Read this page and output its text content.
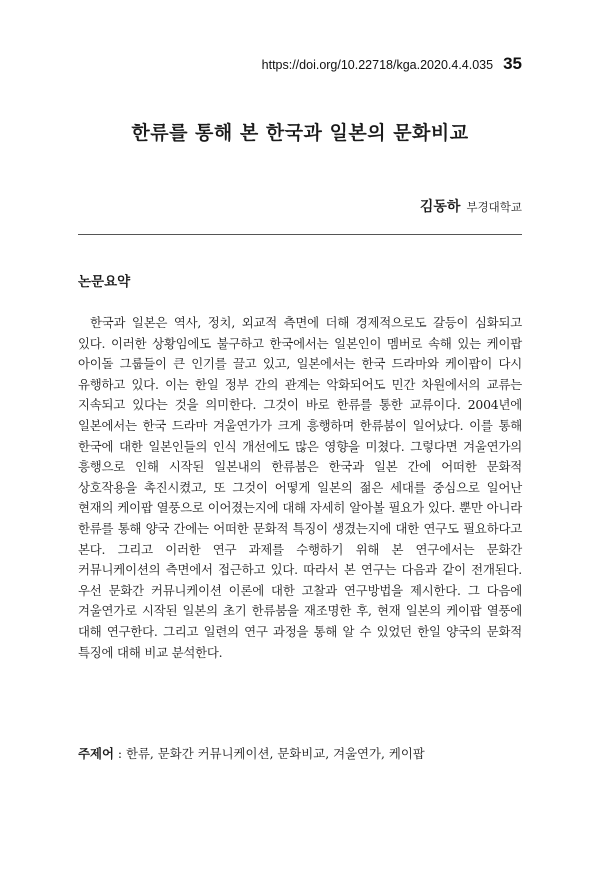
https://doi.org/10.22718/kga.2020.4.4.035 35
한류를 통해 본 한국과 일본의 문화비교
김동하 부경대학교
논문요약

한국과 일본은 역사, 정치, 외교적 측면에 더해 경제적으로도 갈등이 심화되고 있다. 이러한 상황임에도 불구하고 한국에서는 일본인이 멤버로 속해 있는 케이팝 아이돌 그룹들이 큰 인기를 끌고 있고, 일본에서는 한국 드라마와 케이팝이 다시 유행하고 있다. 이는 한일 정부 간의 관계는 악화되어도 민간 차원에서의 교류는 지속되고 있다는 것을 의미한다. 그것이 바로 한류를 통한 교류이다. 2004년에 일본에서는 한국 드라마 겨울연가가 크게 흥행하며 한류붐이 일어났다. 이를 통해 한국에 대한 일본인들의 인식 개선에도 많은 영향을 미쳤다. 그렇다면 겨울연가의 흥행으로 인해 시작된 일본내의 한류붐은 한국과 일본 간에 어떠한 문화적 상호작용을 촉진시켰고, 또 그것이 어떻게 일본의 젊은 세대를 중심으로 일어난 현재의 케이팝 열풍으로 이어졌는지에 대해 자세히 알아볼 필요가 있다. 뿐만 아니라 한류를 통해 양국 간에는 어떠한 문화적 특징이 생겼는지에 대한 연구도 필요하다고 본다. 그리고 이러한 연구 과제를 수행하기 위해 본 연구에서는 문화간 커뮤니케이션의 측면에서 접근하고 있다. 따라서 본 연구는 다음과 같이 전개된다. 우선 문화간 커뮤니케이션 이론에 대한 고찰과 연구방법을 제시한다. 그 다음에 겨울연가로 시작된 일본의 초기 한류붐을 재조명한 후, 현재 일본의 케이팝 열풍에 대해 연구한다. 그리고 일련의 연구 과정을 통해 알 수 있었던 한일 양국의 문화적 특징에 대해 비교 분석한다.

주제어 : 한류, 문화간 커뮤니케이션, 문화비교, 겨울연가, 케이팝
